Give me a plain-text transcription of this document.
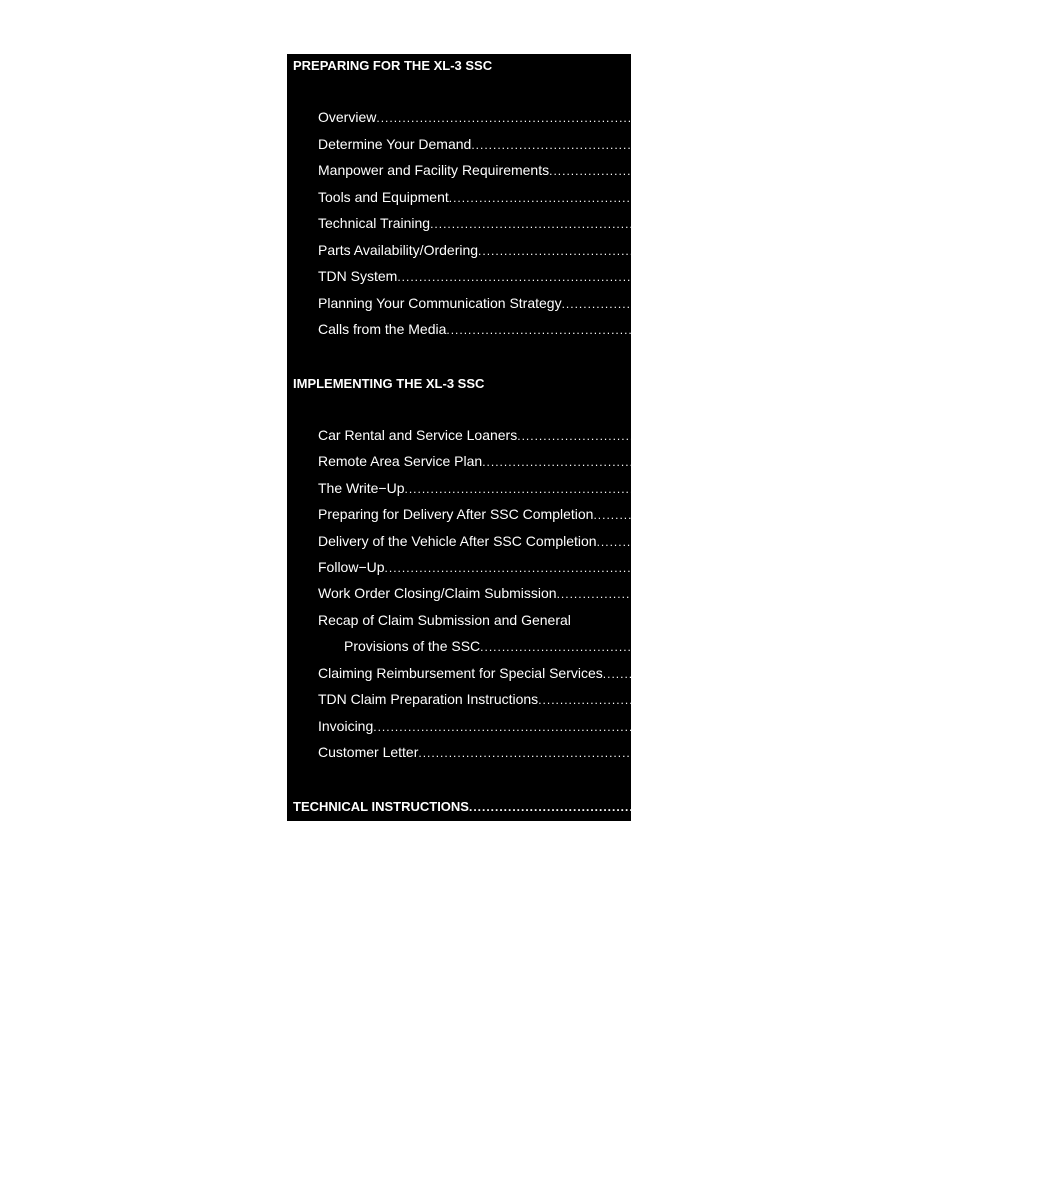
PREPARING FOR THE XL-3 SSC
Overview ........................................................................................................
Determine Your Demand ........................................................................................................
Manpower and Facility Requirements ........................................................................................................
Tools and Equipment ........................................................................................................
Technical Training ........................................................................................................
Parts Availability/Ordering ........................................................................................................
TDN System ........................................................................................................
Planning Your Communication Strategy ........................................................................................................
Calls from the Media ........................................................................................................
IMPLEMENTING THE XL-3 SSC
Car Rental and Service Loaners ........................................................................................................
Remote Area Service Plan ........................................................................................................
The Write−Up ........................................................................................................
Preparing for Delivery After SSC Completion ........................................................................................................
Delivery of the Vehicle After SSC Completion ........................................................................................................
Follow−Up ........................................................................................................
Work Order Closing/Claim Submission ........................................................................................................
Recap of Claim Submission and General
Provisions of the SSC ........................................................................................................
Claiming Reimbursement for Special Services ........................................................................................................
TDN Claim Preparation Instructions ........................................................................................................
Invoicing ........................................................................................................
Customer Letter ........................................................................................................
TECHNICAL INSTRUCTIONS ........................................................................................................
